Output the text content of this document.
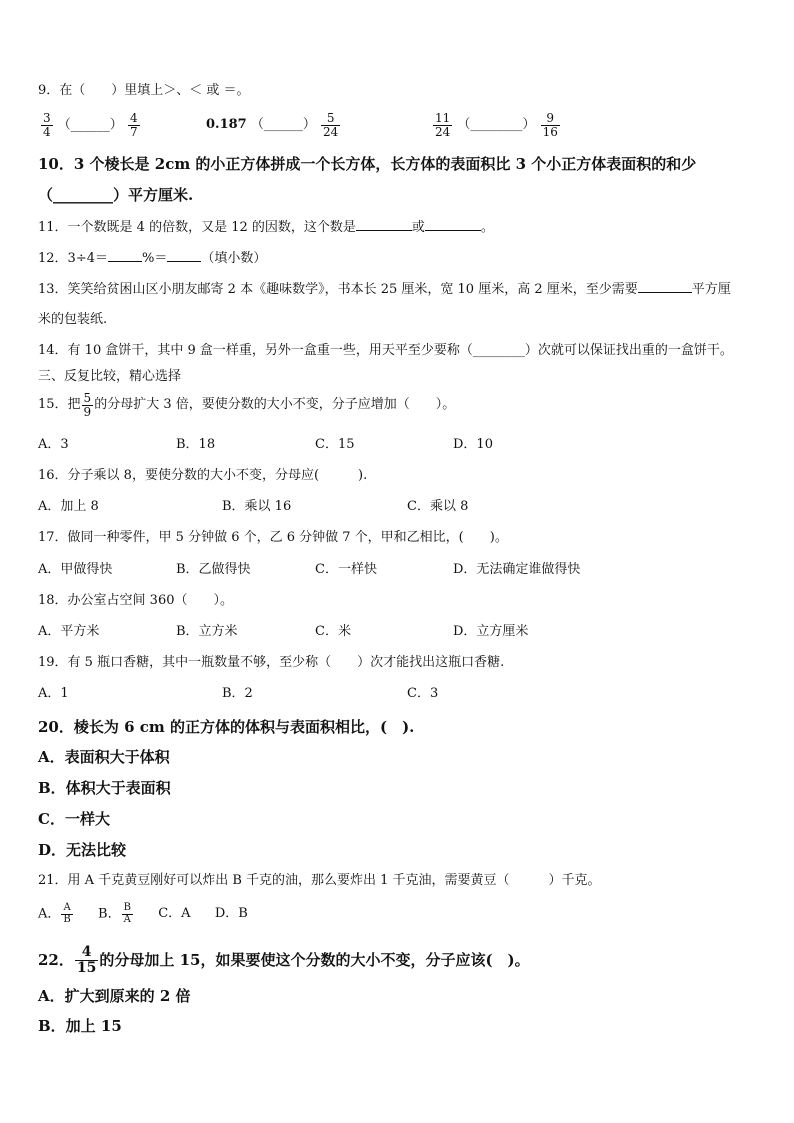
9．在（　　）里填上＞、＜ 或 ＝。
$\frac{3}{4}$ （______） $\frac{4}{7}$	0.187 （______） $\frac{5}{24}$	$\frac{11}{24}$ （________） $\frac{9}{16}$
10．3 个棱长是 2cm 的小正方体拼成一个长方体，长方体的表面积比 3 个小正方体表面积的和少
（________）平方厘米.
11．一个数既是 4 的倍数，又是 12 的因数，这个数是	或	。
12．3÷4＝	%＝	（填小数）
13．笑笑给贫困山区小朋友邮寄 2 本《趣味数学》，书本长 25 厘米，宽 10 厘米，高 2 厘米，至少需要	平方厘
米的包装纸.
14．有 10 盒饼干，其中 9 盒一样重，另外一盒重一些，用天平至少要称（________）次就可以保证找出重的一盒饼干。
三、反复比较，精心选择
15．把 $\frac{5}{9}$ 的分母扩大 3 倍，要使分数的大小不变，分子应增加（　　）。
A．3	B．18	C．15	D．10
16．分子乘以 8，要使分数的大小不变，分母应(　　　).
A．加上 8	B．乘以 16	C．乘以 8
17．做同一种零件，甲 5 分钟做 6 个，乙 6 分钟做 7 个，甲和乙相比，(　　)。
A．甲做得快	B．乙做得快	C．一样快	D．无法确定谁做得快
18．办公室占空间 360（　　）。
A．平方米	B．立方米	C．米	D．立方厘米
19．有 5 瓶口香糖，其中一瓶数量不够，至少称（　　）次才能找出这瓶口香糖.
A．1	B．2	C．3
20．棱长为 6 cm 的正方体的体积与表面积相比，(　).
A．表面积大于体积
B．体积大于表面积
C．一样大
D．无法比较
21．用 A 千克黄豆刚好可以炸出 B 千克的油，那么要炸出 1 千克油，需要黄豆（　　　）千克。
A． $\frac{A}{B}$ B． $\frac{B}{A}$ C．A D．B
22． $\frac{4}{15}$ 的分母加上 15，如果要使这个分数的大小不变，分子应该(　)。
A．扩大到原来的 2 倍
B．加上 15
